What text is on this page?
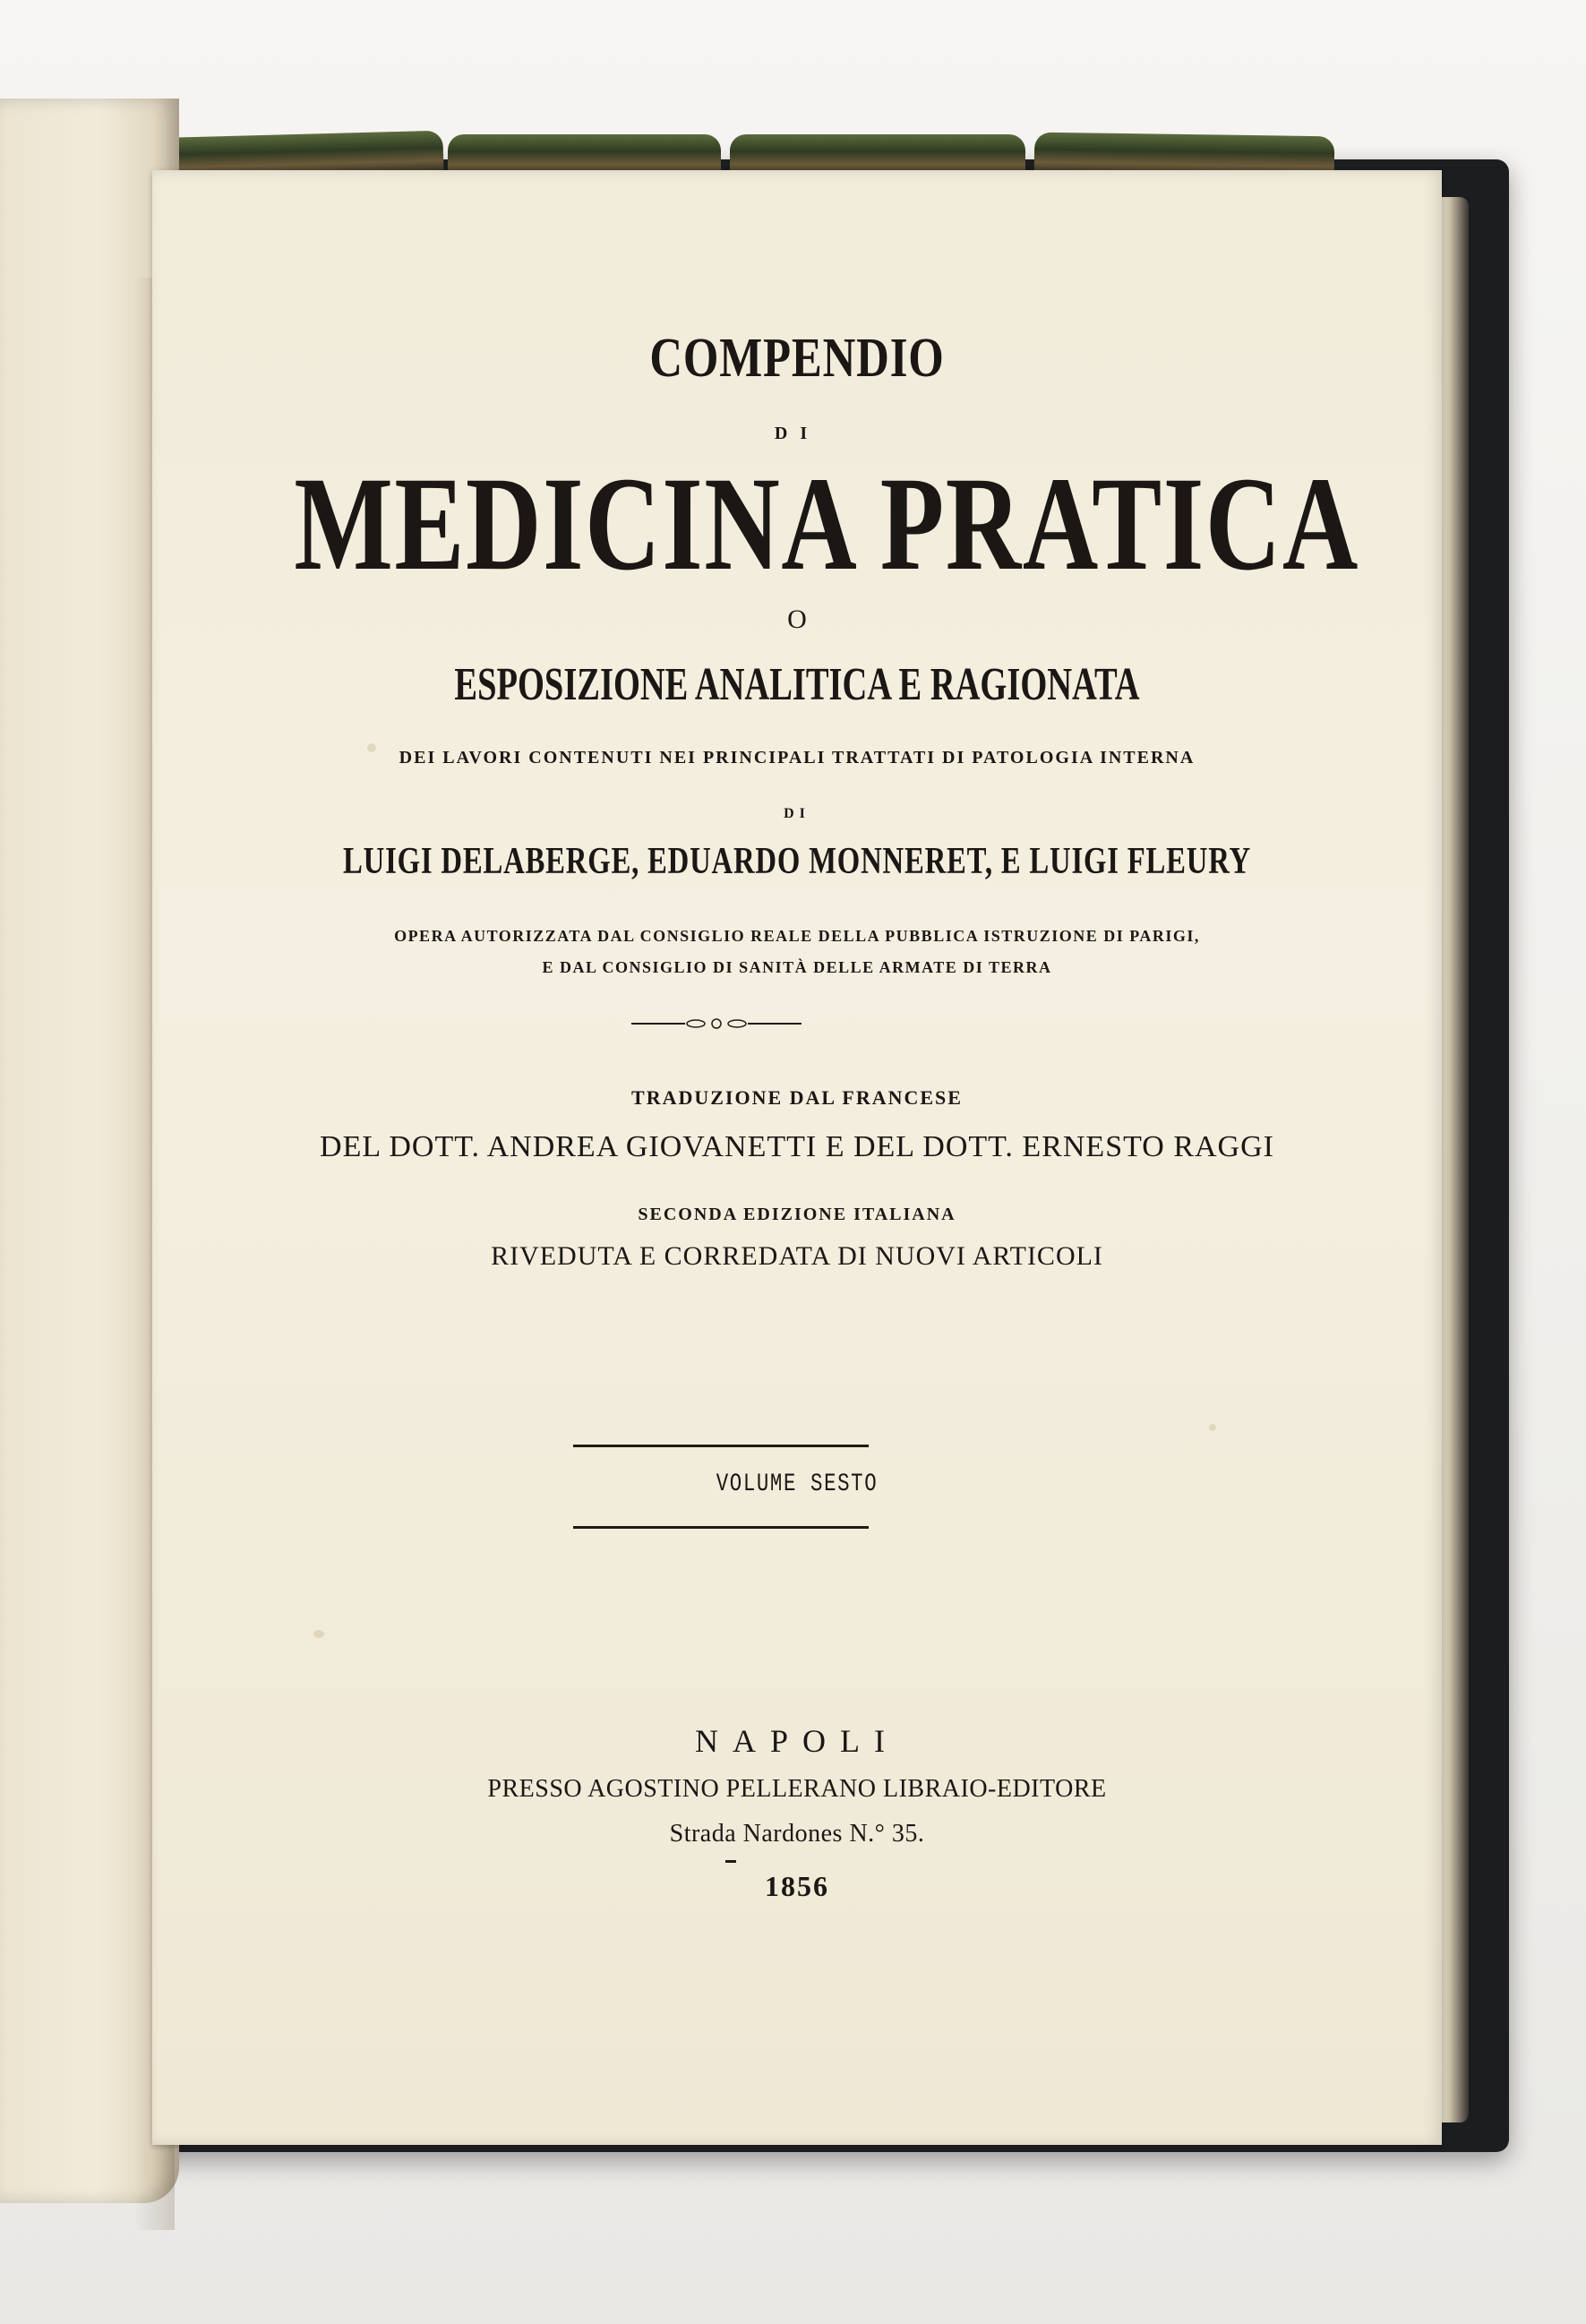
COMPENDIO
DI
MEDICINA PRATICA
O
ESPOSIZIONE ANALITICA E RAGIONATA
DEI LAVORI CONTENUTI NEI PRINCIPALI TRATTATI DI PATOLOGIA INTERNA
DI
LUIGI DELABERGE, EDUARDO MONNERET, E LUIGI FLEURY
OPERA AUTORIZZATA DAL CONSIGLIO REALE DELLA PUBBLICA ISTRUZIONE DI PARIGI,
E DAL CONSIGLIO DI SANITÀ DELLE ARMATE DI TERRA
TRADUZIONE DAL FRANCESE
DEL DOTT. ANDREA GIOVANETTI E DEL DOTT. ERNESTO RAGGI
SECONDA EDIZIONE ITALIANA
RIVEDUTA E CORREDATA DI NUOVI ARTICOLI
VOLUME SESTO
NAPOLI
PRESSO AGOSTINO PELLERANO LIBRAIO-EDITORE
Strada Nardones N.° 35.
1856
